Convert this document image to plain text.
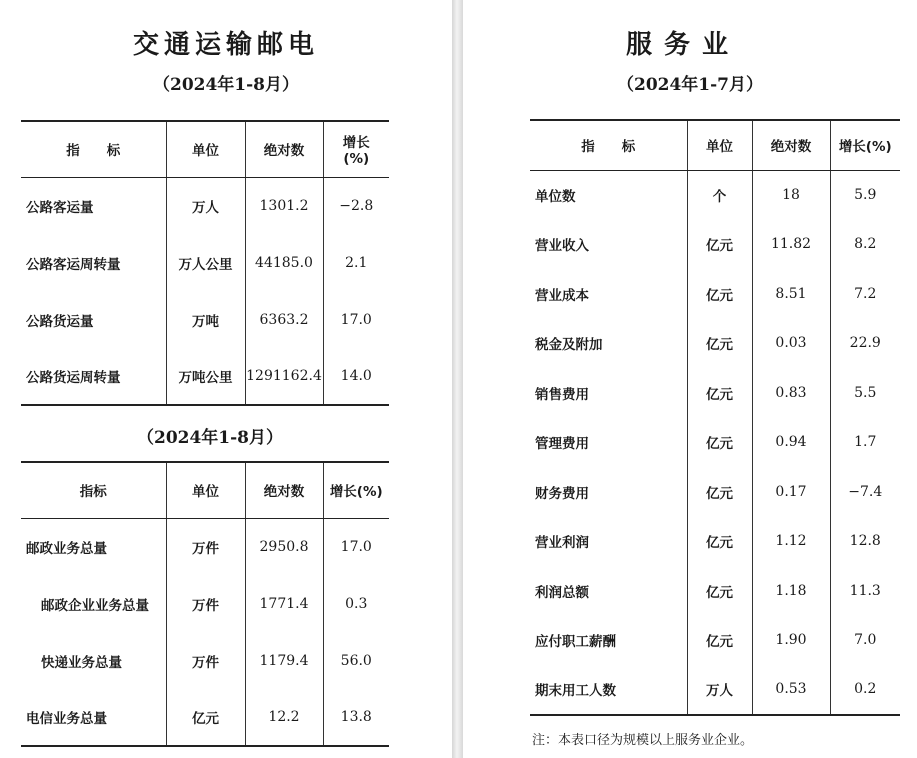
交通运输邮电

（2024年1-8月）

指　　标	单位	绝对数	增长
(%)
公路客运量	万人	1301.2	−2.8
公路客运周转量	万人公里	44185.0	2.1
公路货运量	万吨	6363.2	17.0
公路货运周转量	万吨公里	1291162.4	14.0

（2024年1-8月）

指标	单位	绝对数	增长(%)
邮政业务总量	万件	2950.8	17.0
邮政企业业务总量	万件	1771.4	0.3
快递业务总量	万件	1179.4	56.0
电信业务总量	亿元	12.2	13.8
服务业

（2024年1-7月）

指　　标	单位	绝对数	增长(%)
单位数	个	18	5.9
营业收入	亿元	11.82	8.2
营业成本	亿元	8.51	7.2
税金及附加	亿元	0.03	22.9
销售费用	亿元	0.83	5.5
管理费用	亿元	0.94	1.7
财务费用	亿元	0.17	−7.4
营业利润	亿元	1.12	12.8
利润总额	亿元	1.18	11.3
应付职工薪酬	亿元	1.90	7.0
期末用工人数	万人	0.53	0.2

注：本表口径为规模以上服务业企业。
